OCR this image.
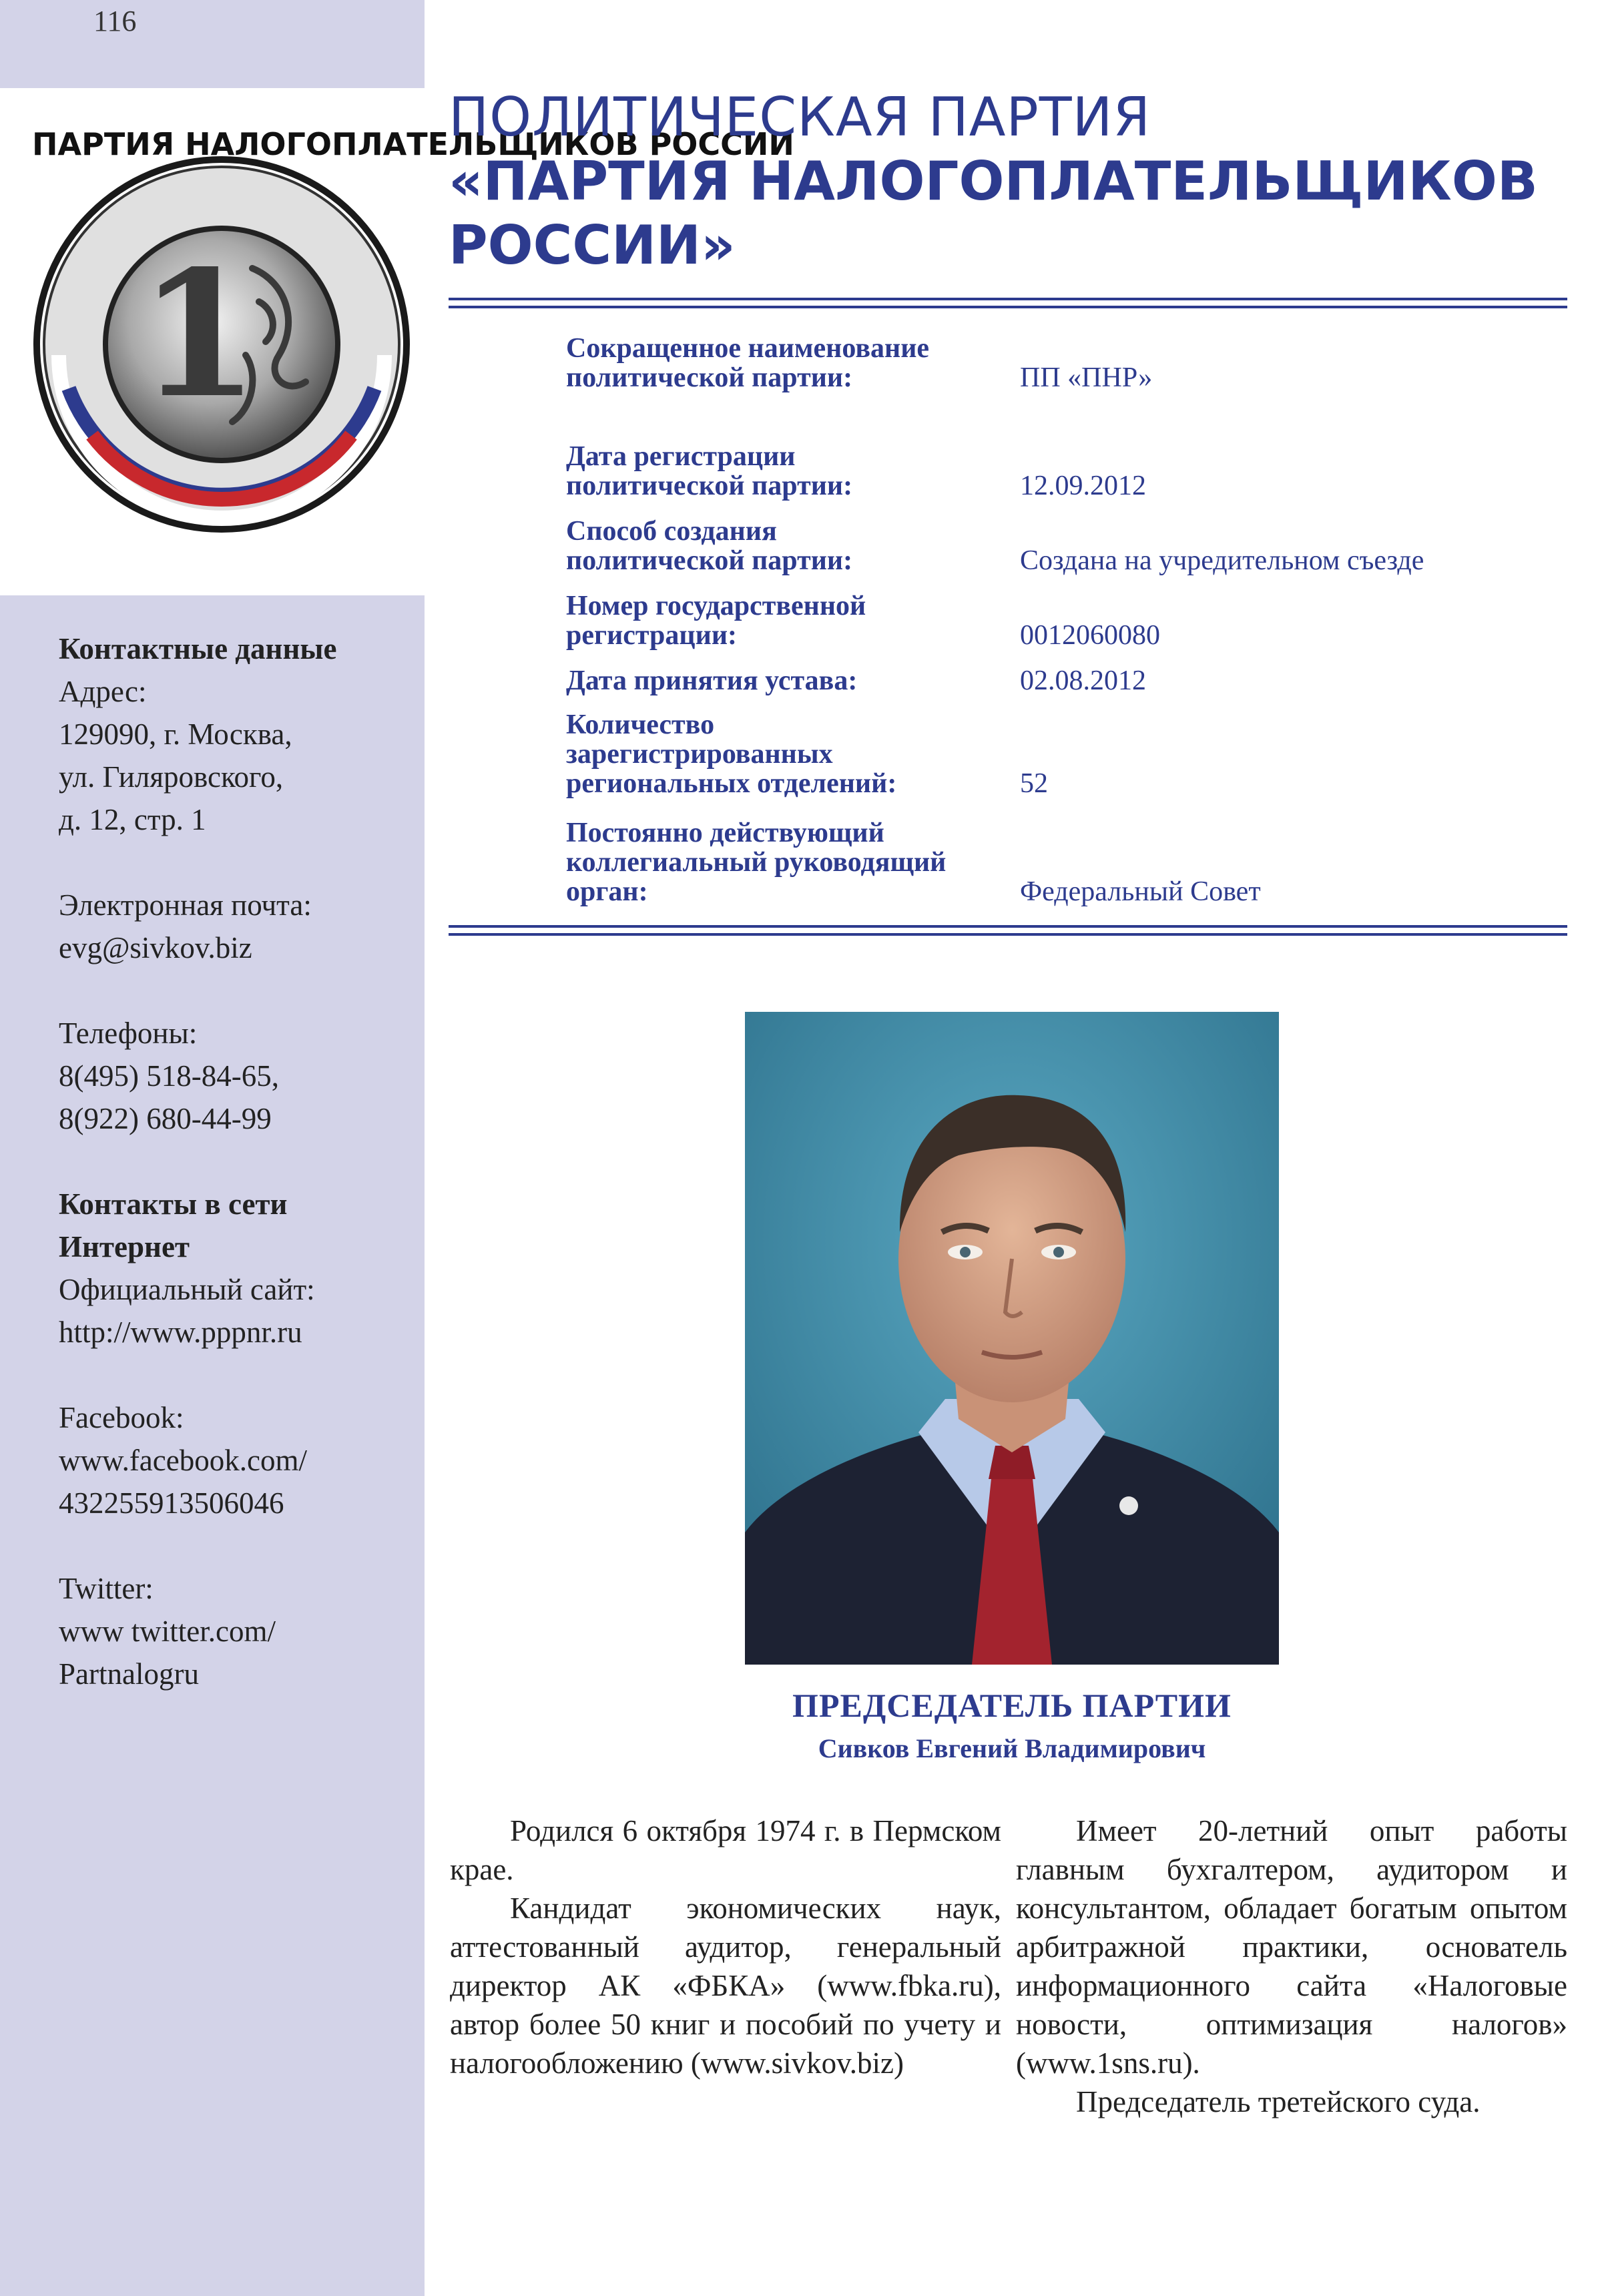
116
ПАРТИЯ НАЛОГОПЛАТЕЛЬЩИКОВ РОССИИ
1
ПОЛИТИЧЕСКАЯ ПАРТИЯ
«ПАРТИЯ НАЛОГОПЛАТЕЛЬЩИКОВ
РОССИИ»
Сокращенное наименование
политической партии:	ПП «ПНР»
Дата регистрации
политической партии:	12.09.2012
Способ создания
политической партии:	Создана на учредительном съезде
Номер государственной
регистрации:	0012060080
Дата принятия устава:	02.08.2012
Количество
зарегистрированных
региональных отделений:	52
Постоянно действующий
коллегиальный руководящий
орган:	Федеральный Совет
Контактные данные
Адрес:
129090, г. Москва,
ул. Гиляровского,
д. 12, стр. 1
Электронная почта:
evg@sivkov.biz
Телефоны:
8(495) 518-84-65,
8(922) 680-44-99
Контакты в сети
Интернет
Официальный сайт:
http://www.pppnr.ru
Facebook:
www.facebook.com/
432255913506046
Twitter:
www twitter.com/
Partnalogru
ПРЕДСЕДАТЕЛЬ ПАРТИИ
Сивков Евгений Владимирович

Родился 6 октября 1974 г. в Пермском крае.

Кандидат экономических наук, аттестованный аудитор, генеральный директор АК «ФБКА» (www.fbka.ru), автор более 50 книг и пособий по учету и налогообложению (www.sivkov.biz)

Имеет 20-летний опыт работы главным бухгалтером, аудитором и консультантом, обладает богатым опытом арбитражной практики, основатель информационного сайта «Налоговые новости, оптимизация налогов» (www.1sns.ru).

Председатель третейского суда.
